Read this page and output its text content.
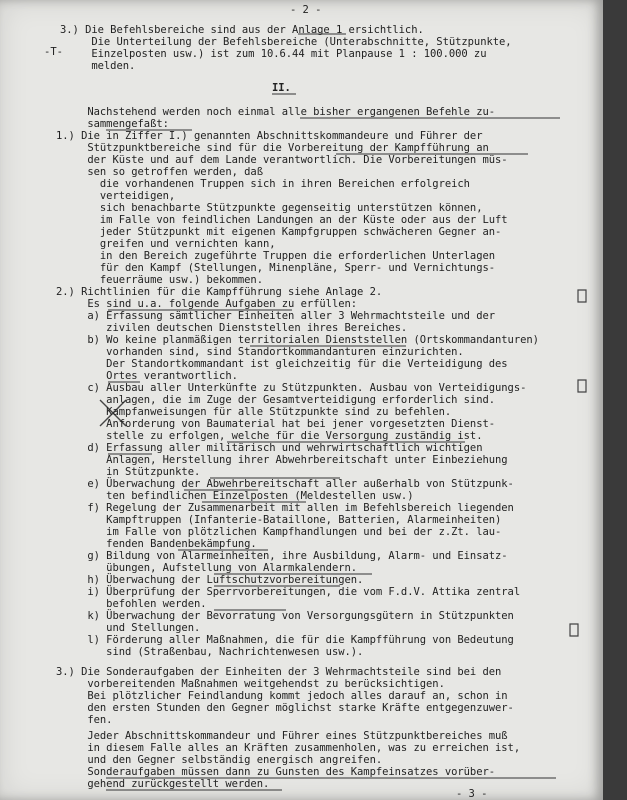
- 2 -
-T-
3.) Die Befehlsbereiche sind aus der Anlage 1 ersichtlich.
Die Unterteilung der Befehlsbereiche (Unterabschnitte, Stützpunkte,
Einzelposten usw.) ist zum 10.6.44 mit Planpause 1 : 100.000 zu
melden.
II.
Nachstehend werden noch einmal alle bisher ergangenen Befehle zu-
sammengefaßt:
1.) Die in Ziffer I.) genannten Abschnittskommandeure und Führer der
Stützpunktbereiche sind für die Vorbereitung der Kampfführung an
der Küste und auf dem Lande verantwortlich. Die Vorbereitungen müs-
sen so getroffen werden, daß
die vorhandenen Truppen sich in ihren Bereichen erfolgreich
verteidigen,
sich benachbarte Stützpunkte gegenseitig unterstützen können,
im Falle von feindlichen Landungen an der Küste oder aus der Luft
jeder Stützpunkt mit eigenen Kampfgruppen schwächeren Gegner an-
greifen und vernichten kann,
in den Bereich zugeführte Truppen die erforderlichen Unterlagen
für den Kampf (Stellungen, Minenpläne, Sperr- und Vernichtungs-
feuerräume usw.) bekommen.
2.) Richtlinien für die Kampfführung siehe Anlage 2.
Es sind u.a. folgende Aufgaben zu erfüllen:
a) Erfassung sämtlicher Einheiten aller 3 Wehrmachtsteile und der
zivilen deutschen Dienststellen ihres Bereiches.
b) Wo keine planmäßigen territorialen Dienststellen (Ortskommandanturen)
vorhanden sind, sind Standortkommandanturen einzurichten.
Der Standortkommandant ist gleichzeitig für die Verteidigung des
Ortes verantwortlich.
c) Ausbau aller Unterkünfte zu Stützpunkten. Ausbau von Verteidigungs-
anlagen, die im Zuge der Gesamtverteidigung erforderlich sind.
Kampfanweisungen für alle Stützpunkte sind zu befehlen.
Anforderung von Baumaterial hat bei jener vorgesetzten Dienst-
stelle zu erfolgen, welche für die Versorgung zuständig ist.
d) Erfassung aller militärisch und wehrwirtschaftlich wichtigen
Anlagen, Herstellung ihrer Abwehrbereitschaft unter Einbeziehung
in Stützpunkte.
e) Überwachung der Abwehrbereitschaft aller außerhalb von Stützpunk-
ten befindlichen Einzelposten (Meldestellen usw.)
f) Regelung der Zusammenarbeit mit allen im Befehlsbereich liegenden
Kampftruppen (Infanterie-Bataillone, Batterien, Alarmeinheiten)
im Falle von plötzlichen Kampfhandlungen und bei der z.Zt. lau-
fenden Bandenbekämpfung.
g) Bildung von Alarmeinheiten, ihre Ausbildung, Alarm- und Einsatz-
übungen, Aufstellung von Alarmkalendern.
h) Überwachung der Luftschutzvorbereitungen.
i) Überprüfung der Sperrvorbereitungen, die vom F.d.V. Attika zentral
befohlen werden.
k) Überwachung der Bevorratung von Versorgungsgütern in Stützpunkten
und Stellungen.
l) Förderung aller Maßnahmen, die für die Kampfführung von Bedeutung
sind (Straßenbau, Nachrichtenwesen usw.).
3.) Die Sonderaufgaben der Einheiten der 3 Wehrmachtsteile sind bei den
vorbereitenden Maßnahmen weitgehendst zu berücksichtigen.
Bei plötzlicher Feindlandung kommt jedoch alles darauf an, schon in
den ersten Stunden den Gegner möglichst starke Kräfte entgegenzuwer-
fen.
Jeder Abschnittskommandeur und Führer eines Stützpunktbereiches muß
in diesem Falle alles an Kräften zusammenholen, was zu erreichen ist,
und den Gegner selbständig energisch angreifen.
Sonderaufgaben müssen dann zu Gunsten des Kampfeinsatzes vorüber-
gehend zurückgestellt werden.
- 3 -
